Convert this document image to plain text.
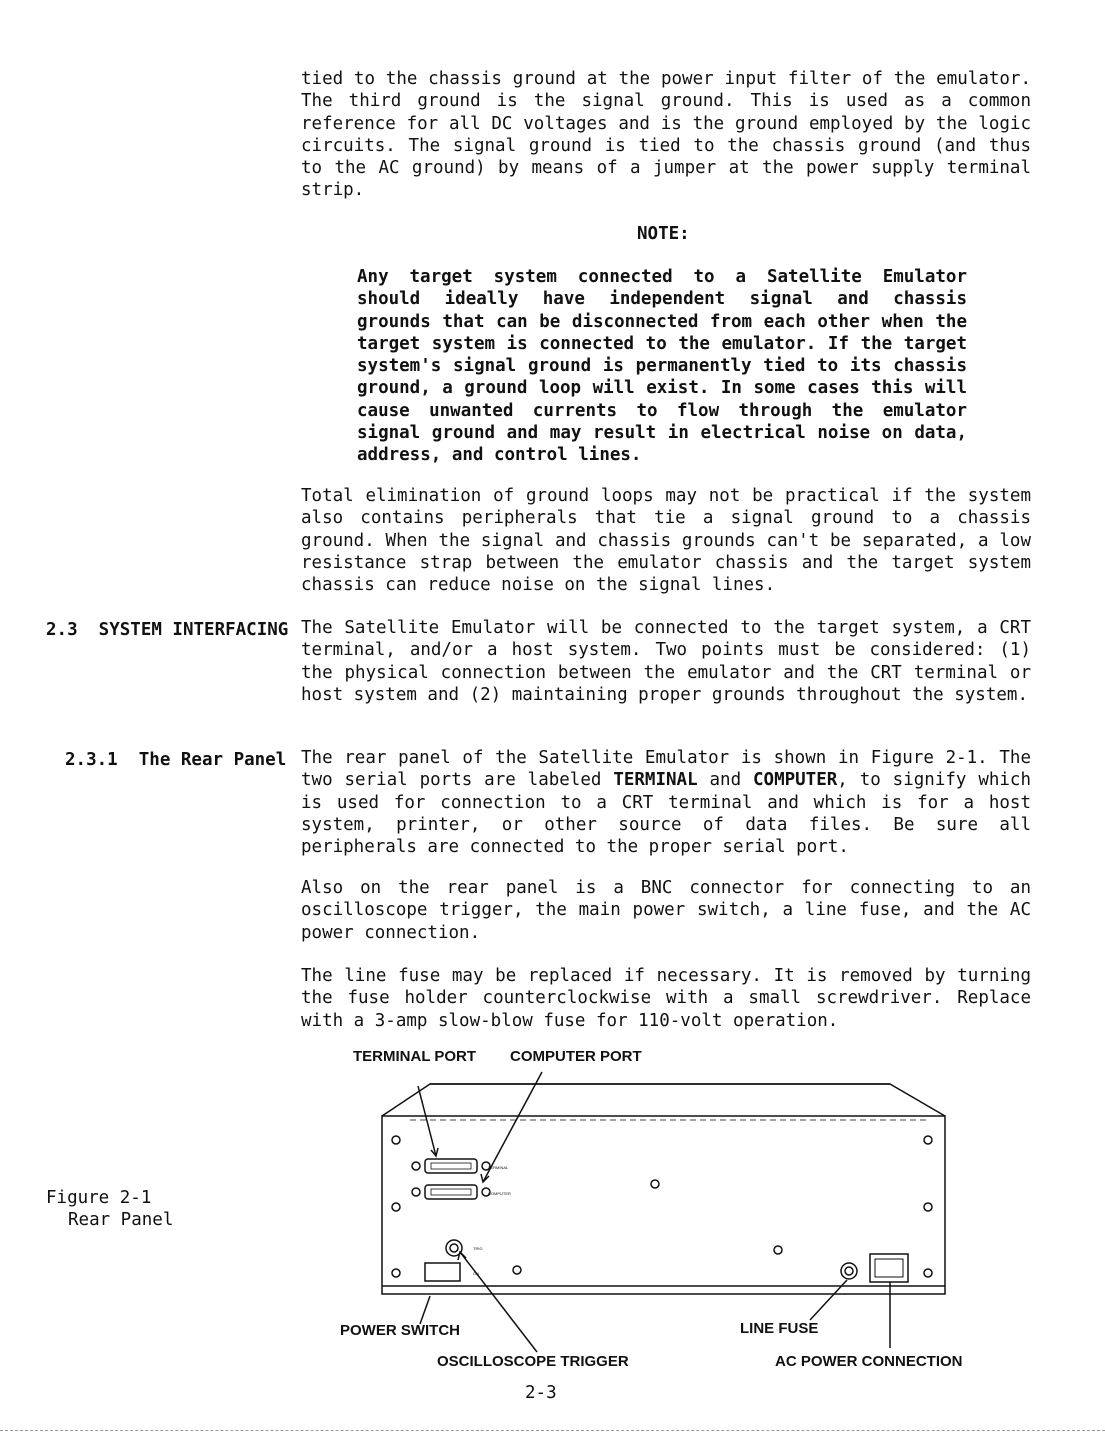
tied to the chassis ground at the power input filter of the emulator. The third ground is the signal ground. This is used as a common reference for all DC voltages and is the ground employed by the logic circuits. The signal ground is tied to the chassis ground (and thus to the AC ground) by means of a jumper at the power supply terminal strip.

NOTE:

Any target system connected to a Satellite Emulator should ideally have independent signal and chassis grounds that can be disconnected from each other when the target system is connected to the emulator. If the target system's signal ground is permanently tied to its chassis ground, a ground loop will exist. In some cases this will cause unwanted currents to flow through the emulator signal ground and may result in electrical noise on data, address, and control lines.

Total elimination of ground loops may not be practical if the system also contains peripherals that tie a signal ground to a chassis ground. When the signal and chassis grounds can't be separated, a low resistance strap between the emulator chassis and the target system chassis can reduce noise on the signal lines.

2.3  SYSTEM INTERFACING The Satellite Emulator will be connected to the target system, a CRT terminal, and/or a host system. Two points must be considered: (1) the physical connection between the emulator and the CRT terminal or host system and (2) maintaining proper grounds throughout the system.

2.3.1  The Rear Panel The rear panel of the Satellite Emulator is shown in Figure 2-1. The two serial ports are labeled TERMINAL and COMPUTER, to signify which is used for connection to a CRT terminal and which is for a host system, printer, or other source of data files. Be sure all peripherals are connected to the proper serial port.

Also on the rear panel is a BNC connector for connecting to an oscilloscope trigger, the main power switch, a line fuse, and the AC power connection.

The line fuse may be replaced if necessary. It is removed by turning the fuse holder counterclockwise with a small screwdriver. Replace with a 3-amp slow-blow fuse for 110-volt operation.

Figure 2-1
Rear Panel
TERMINAL PORT COMPUTER PORT
POWER SWITCH
OSCILLOSCOPE TRIGGER
LINE FUSE
AC POWER CONNECTION
TERMINAL
COMPUTER
TRIG
ON
2-3
